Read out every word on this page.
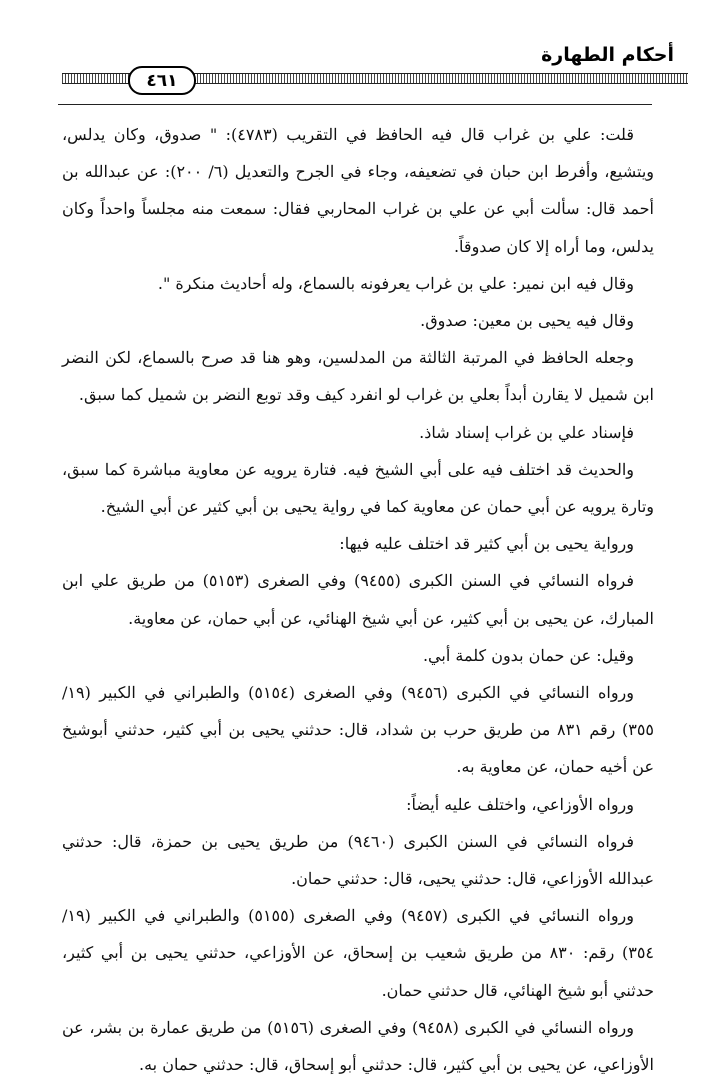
أحكام الطهارة
٤٦١

قلت: علي بن غراب قال فيه الحافظ في التقريب (٤٧٨٣): " صدوق، وكان يدلس، ويتشيع، وأفرط ابن حبان في تضعيفه، وجاء في الجرح والتعديل (٦/ ٢٠٠): عن عبدالله بن أحمد قال: سألت أبي عن علي بن غراب المحاربي فقال: سمعت منه مجلساً واحداً وكان يدلس، وما أراه إلا كان صدوقاً.

وقال فيه ابن نمير: علي بن غراب يعرفونه بالسماع، وله أحاديث منكرة ".

وقال فيه يحيى بن معين: صدوق.

وجعله الحافظ في المرتبة الثالثة من المدلسين، وهو هنا قد صرح بالسماع، لكن النضر ابن شميل لا يقارن أبداً بعلي بن غراب لو انفرد كيف وقد توبع النضر بن شميل كما سبق.

فإسناد علي بن غراب إسناد شاذ.

والحديث قد اختلف فيه على أبي الشيخ فيه. فتارة يرويه عن معاوية مباشرة كما سبق، وتارة يرويه عن أبي حمان عن معاوية كما في رواية يحيى بن أبي كثير عن أبي الشيخ.

ورواية يحيى بن أبي كثير قد اختلف عليه فيها:

فرواه النسائي في السنن الكبرى (٩٤٥٥) وفي الصغرى (٥١٥٣) من طريق علي ابن المبارك، عن يحيى بن أبي كثير، عن أبي شيخ الهنائي، عن أبي حمان، عن معاوية.

وقيل: عن حمان بدون كلمة أبي.

ورواه النسائي في الكبرى (٩٤٥٦) وفي الصغرى (٥١٥٤) والطبراني في الكبير (١٩/ ٣٥٥) رقم ٨٣١ من طريق حرب بن شداد، قال: حدثني يحيى بن أبي كثير، حدثني أبوشيخ عن أخيه حمان، عن معاوية به.

ورواه الأوزاعي، واختلف عليه أيضاً:

فرواه النسائي في السنن الكبرى (٩٤٦٠) من طريق يحيى بن حمزة، قال: حدثني عبدالله الأوزاعي، قال: حدثني يحيى، قال: حدثني حمان.

ورواه النسائي في الكبرى (٩٤٥٧) وفي الصغرى (٥١٥٥) والطبراني في الكبير (١٩/ ٣٥٤) رقم: ٨٣٠ من طريق شعيب بن إسحاق، عن الأوزاعي، حدثني يحيى بن أبي كثير، حدثني أبو شيخ الهنائي، قال حدثني حمان.

ورواه النسائي في الكبرى (٩٤٥٨) وفي الصغرى (٥١٥٦) من طريق عمارة بن بشر، عن الأوزاعي، عن يحيى بن أبي كثير، قال: حدثني أبو إسحاق، قال: حدثني حمان به.
